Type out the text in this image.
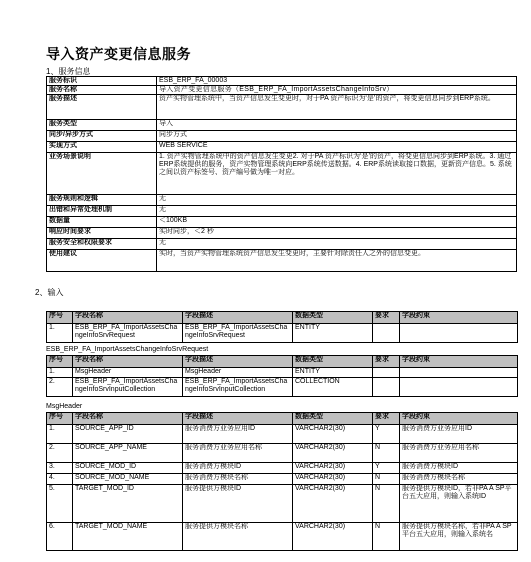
导入资产变更信息服务
1、服务信息
服务标识	ESB_ERP_FA_00003
服务名称	导入资产变更信息服务（ESB_ERP_FA_ImportAssetsChangeInfoSrv）
服务描述	资产实物管理系统中，当资产信息发生变更时，对于PA 资产标识为‘是’的资产，将变更信息同步到ERP系统。
服务类型	导入
同步/异步方式	同步方式
实现方式	WEB SERVICE
业务场景说明	1. 资产实物管理系统中的资产信息发生变更2. 对于PA 资产标识为‘是’的资产，将变更信息同步到ERP系统。3. 通过ERP系统提供的服务，资产实物管理系统向ERP系统传送数据。4. ERP系统读取接口数据，更新资产信息。5. 系统之间以资产标签号、资产编号做为唯一对应。
服务规则和逻辑	无
出错和异常处理机制	无
数据量	＜100KB
响应时间要求	实时同步，＜2 秒
服务安全和权限要求	无
使用建议	实时，当资产实物管理系统资产信息发生变更时，主要针对除责任人之外的信息变更。
2、输入
序号	字段名称	字段描述	数据类型	要求	字段约束
1.	ESB_ERP_FA_ImportAssetsChangeInfoSrvRequest	ESB_ERP_FA_ImportAssetsChangeInfoSrvRequest	ENTITY		
ESB_ERP_FA_ImportAssetsChangeInfoSrvRequest
序号	字段名称	字段描述	数据类型	要求	字段约束
1.	MsgHeader	MsgHeader	ENTITY		
2.	ESB_ERP_FA_ImportAssetsChangeInfoSrvInputCollection	ESB_ERP_FA_ImportAssetsChangeInfoSrvInputCollection	COLLECTION		
MsgHeader
序号	字段名称	字段描述	数据类型	要求	字段约束
1.	SOURCE_APP_ID	服务消费方业务应用ID	VARCHAR2(30)	Y	服务消费方业务应用ID
2.	SOURCE_APP_NAME	服务消费方业务应用名称	VARCHAR2(30)	N	服务消费方业务应用名称
3.	SOURCE_MOD_ID	服务消费方模块ID	VARCHAR2(30)	Y	服务消费方模块ID
4.	SOURCE_MOD_NAME	服务消费方模块名称	VARCHAR2(30)	N	服务消费方模块名称
5.	TARGET_MOD_ID	服务提供方模块ID	VARCHAR2(30)	N	服务提供方模块ID，若非PA A SP平台五大应用，则输入系统ID
6.	TARGET_MOD_NAME	服务提供方模块名称	VARCHAR2(30)	N	服务提供方模块名称，若非PA A SP平台五大应用，则输入系统名
